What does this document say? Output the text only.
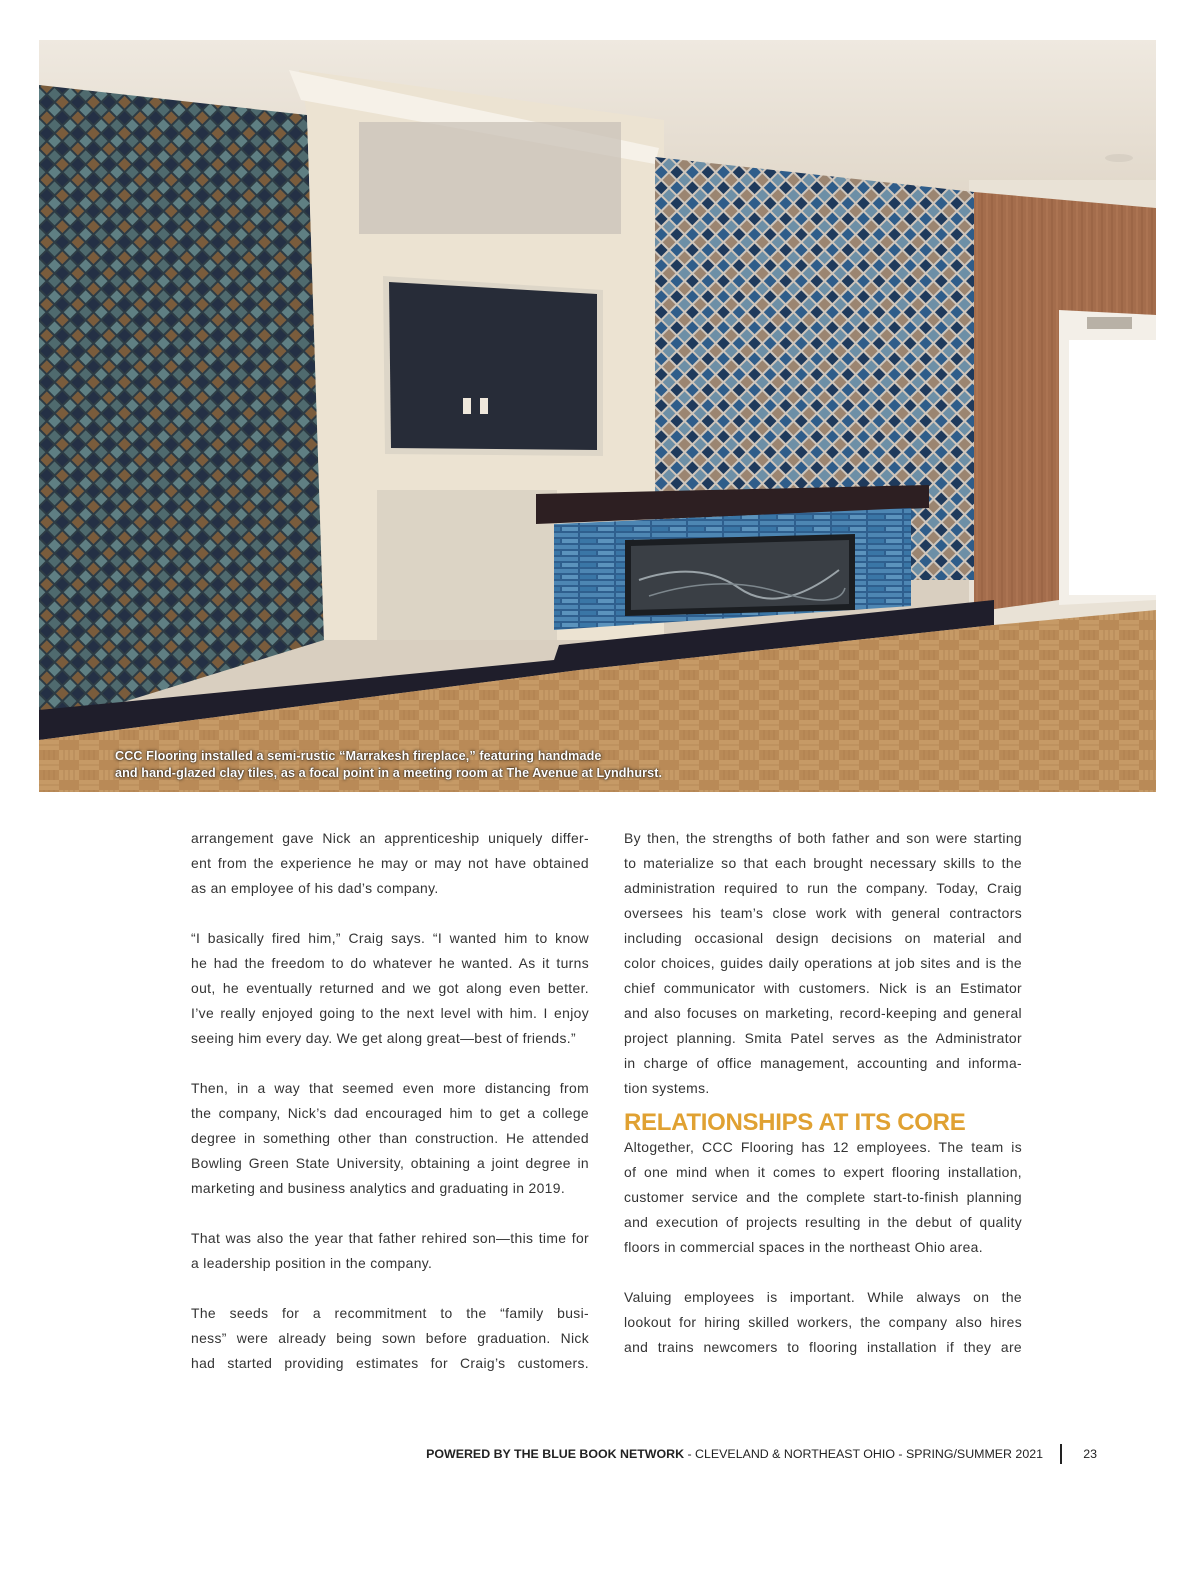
CCC Flooring installed a semi-rustic “Marrakesh fireplace,” featuring handmade
and hand-glazed clay tiles, as a focal point in a meeting room at The Avenue at Lyndhurst.

arrangement gave Nick an apprenticeship uniquely differ-
ent from the experience he may or may not have obtained
as an employee of his dad’s company.

“I basically fired him,” Craig says. “I wanted him to know
he had the freedom to do whatever he wanted. As it turns
out, he eventually returned and we got along even better.
I’ve really enjoyed going to the next level with him. I enjoy
seeing him every day. We get along great—best of friends.”

Then, in a way that seemed even more distancing from
the company, Nick’s dad encouraged him to get a college
degree in something other than construction. He attended
Bowling Green State University, obtaining a joint degree in
marketing and business analytics and graduating in 2019.

That was also the year that father rehired son—this time for
a leadership position in the company.

The seeds for a recommitment to the “family busi-
ness” were already being sown before graduation. Nick
had started providing estimates for Craig’s customers.

By then, the strengths of both father and son were starting
to materialize so that each brought necessary skills to the
administration required to run the company. Today, Craig
oversees his team’s close work with general contractors
including occasional design decisions on material and
color choices, guides daily operations at job sites and is the
chief communicator with customers. Nick is an Estimator
and also focuses on marketing, record-keeping and general
project planning. Smita Patel serves as the Administrator
in charge of office management, accounting and informa-
tion systems.

RELATIONSHIPS AT ITS CORE

Altogether, CCC Flooring has 12 employees. The team is
of one mind when it comes to expert flooring installation,
customer service and the complete start-to-finish planning
and execution of projects resulting in the debut of quality
floors in commercial spaces in the northeast Ohio area.

Valuing employees is important. While always on the
lookout for hiring skilled workers, the company also hires
and trains newcomers to flooring installation if they are

POWERED BY THE BLUE BOOK NETWORK - CLEVELAND & NORTHEAST OHIO - SPRING/SUMMER 2021	23
